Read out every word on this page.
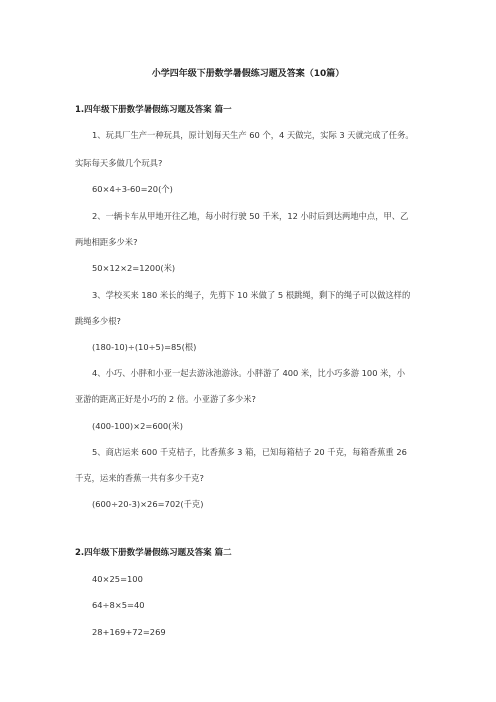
小学四年级下册数学暑假练习题及答案（10篇）
1.四年级下册数学暑假练习题及答案 篇一
1、玩具厂生产一种玩具，原计划每天生产 60 个，4 天做完，实际 3 天就完成了任务。
实际每天多做几个玩具?
60×4÷3-60=20(个)
2、一辆卡车从甲地开往乙地，每小时行驶 50 千米，12 小时后到达两地中点，甲、乙
两地相距多少米?
50×12×2=1200(米)
3、学校买来 180 米长的绳子，先剪下 10 米做了 5 根跳绳，剩下的绳子可以做这样的
跳绳多少根?
(180-10)÷(10÷5)=85(根)
4、小巧、小胖和小亚一起去游泳池游泳。小胖游了 400 米，比小巧多游 100 米，小
亚游的距离正好是小巧的 2 倍。小亚游了多少米?
(400-100)×2=600(米)
5、商店运来 600 千克桔子，比香蕉多 3 箱，已知每箱桔子 20 千克，每箱香蕉重 26
千克，运来的香蕉一共有多少千克?
(600÷20-3)×26=702(千克)
2.四年级下册数学暑假练习题及答案 篇二
40×25=100
64÷8×5=40
28+169+72=269
